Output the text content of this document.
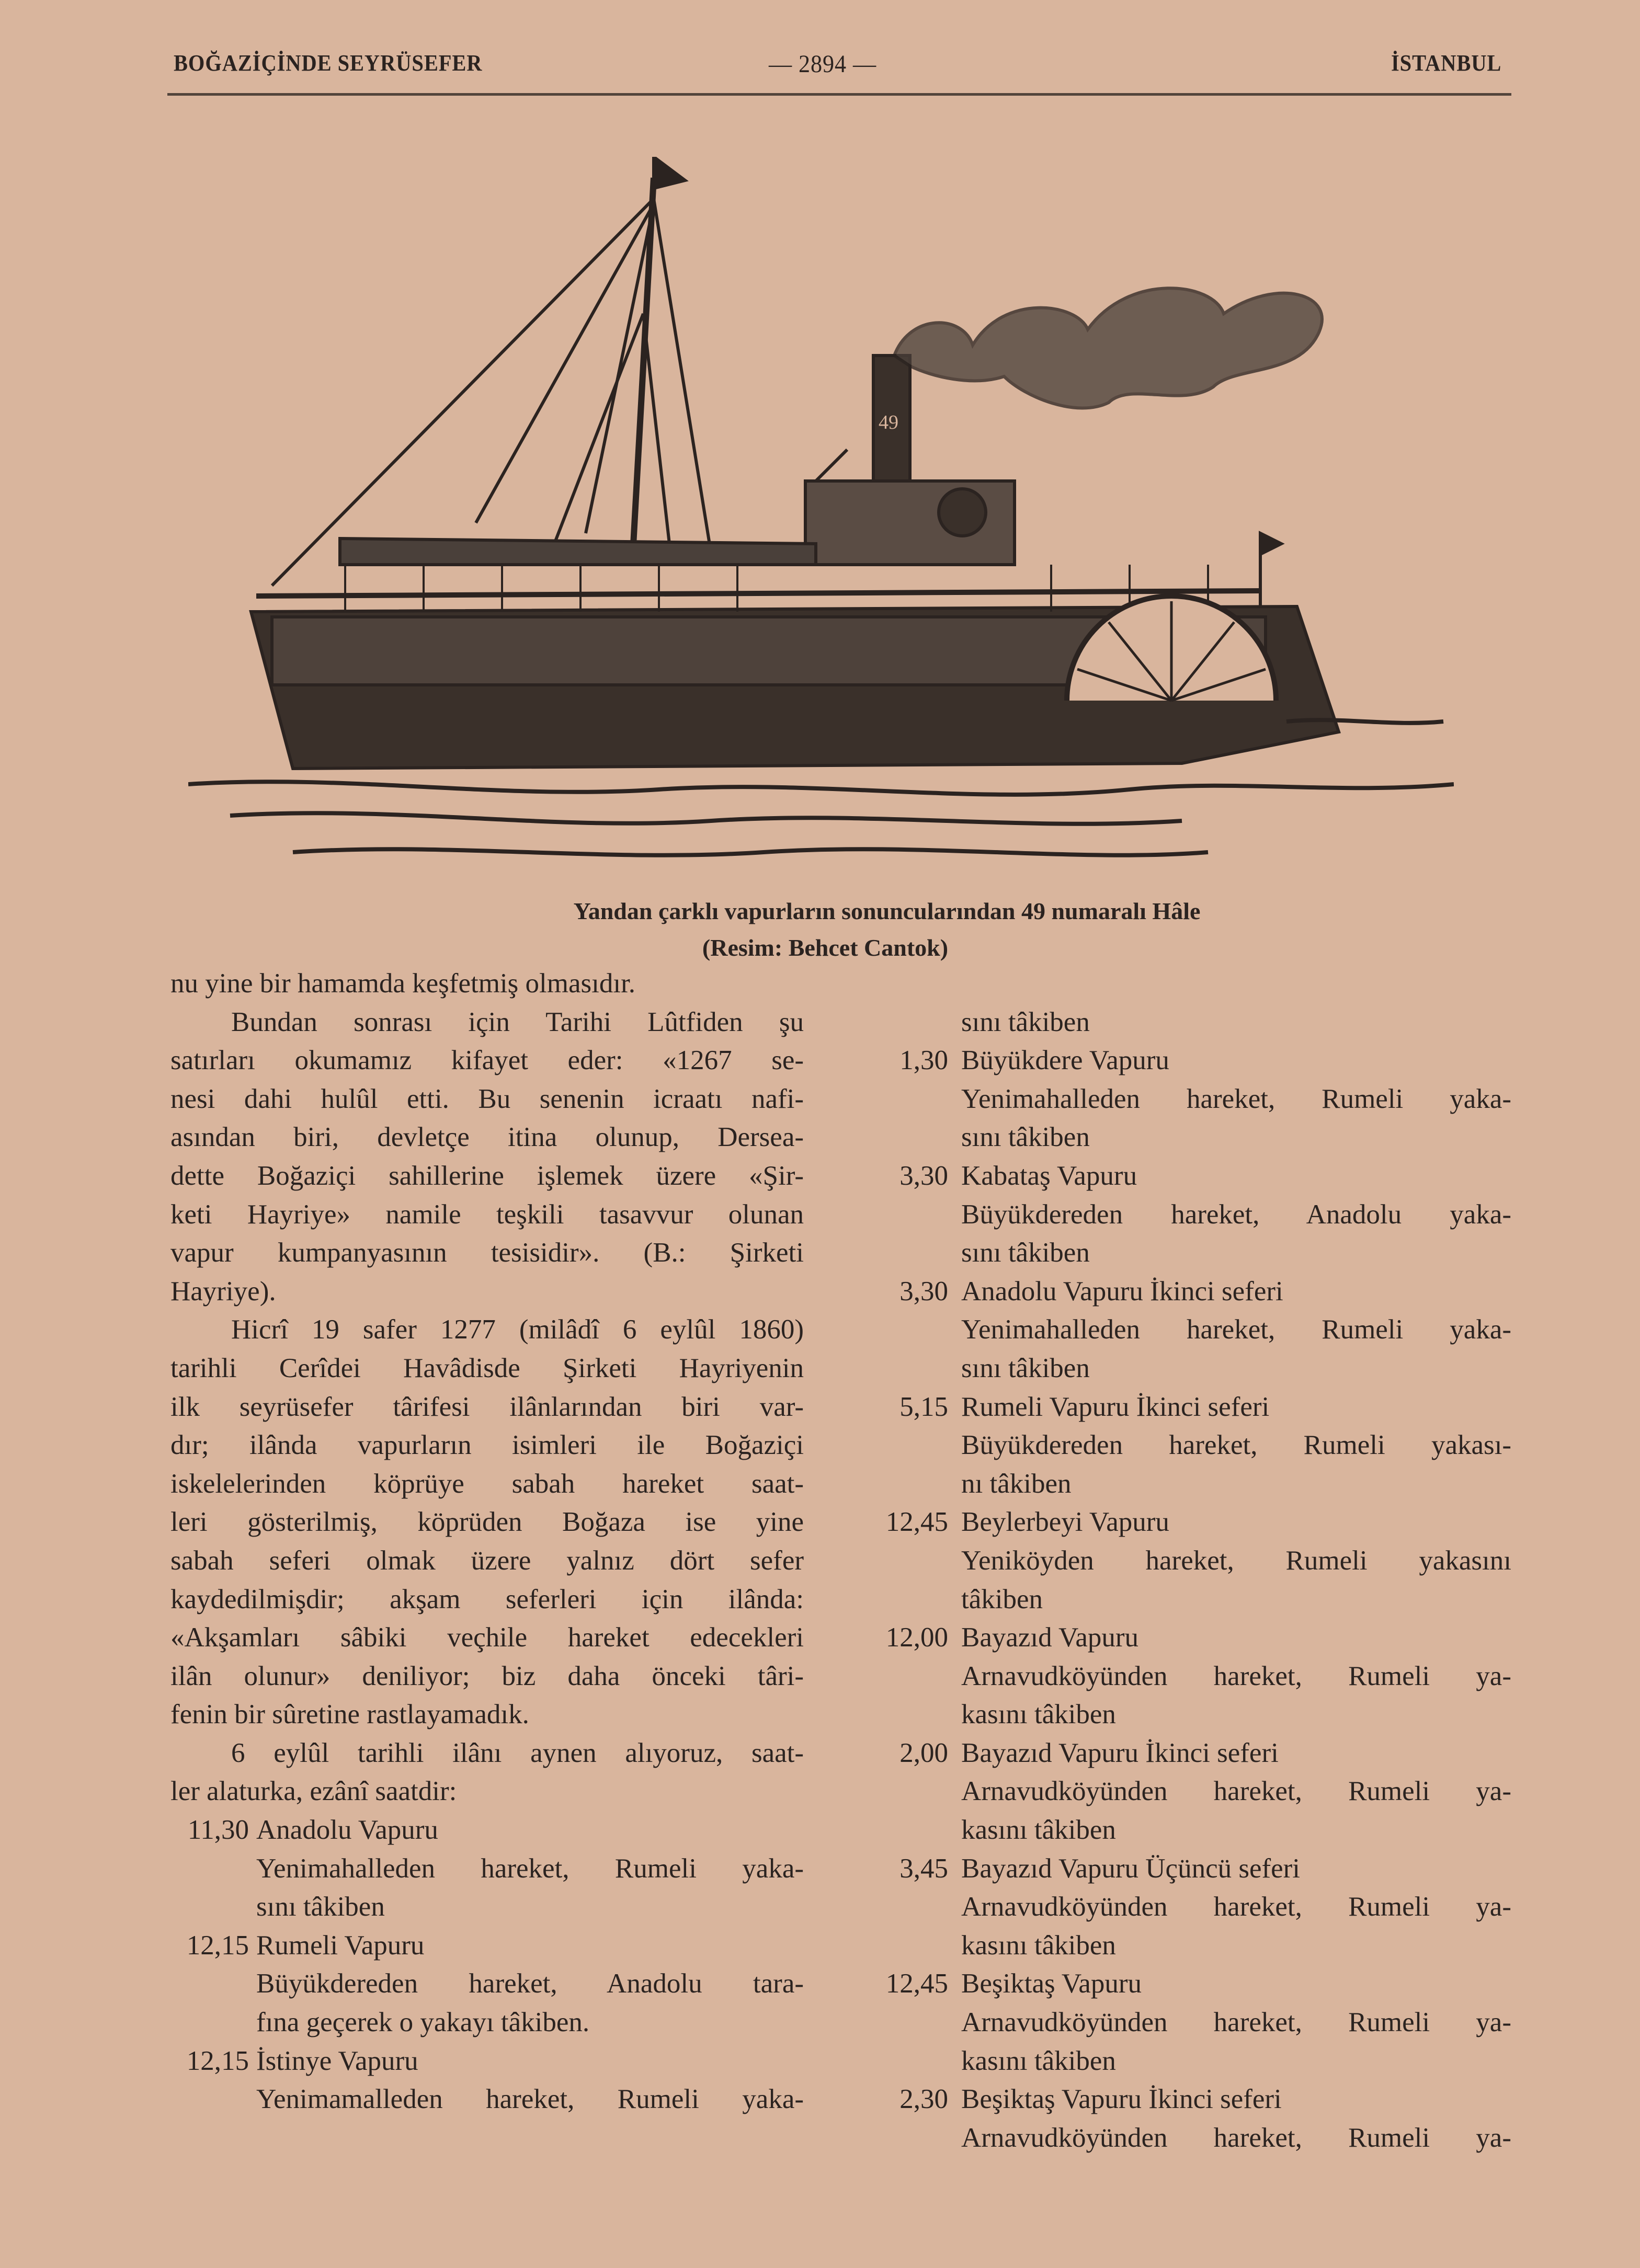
BOĞAZİÇİNDE SEYRÜSEFER	— 2894 —	İSTANBUL
49
Yandan çarklı vapurların sonuncularından 49 numaralı Hâle
(Resim: Behcet Cantok)
nu yine bir hamamda keşfetmiş olmasıdır.
Bundan sonrası için Tarihi Lûtfiden şu
satırları okumamız kifayet eder: «1267 se-
nesi dahi hulûl etti. Bu senenin icraatı nafi-
asından biri, devletçe itina olunup, Dersea-
dette Boğaziçi sahillerine işlemek üzere «Şir-
keti Hayriye» namile teşkili tasavvur olunan
vapur kumpanyasının tesisidir». (B.: Şirketi
Hayriye).
Hicrî 19 safer 1277 (milâdî 6 eylûl 1860)
tarihli Cerîdei Havâdisde Şirketi Hayriyenin
ilk seyrüsefer târifesi ilânlarından biri var-
dır; ilânda vapurların isimleri ile Boğaziçi
iskelelerinden köprüye sabah hareket saat-
leri gösterilmiş, köprüden Boğaza ise yine
sabah seferi olmak üzere yalnız dört sefer
kaydedilmişdir; akşam seferleri için ilânda:
«Akşamları sâbiki veçhile hareket edecekleri
ilân olunur» deniliyor; biz daha önceki târi-
fenin bir sûretine rastlayamadık.
6 eylûl tarihli ilânı aynen alıyoruz, saat-
ler alaturka, ezânî saatdir:
11,30 Anadolu Vapuru
Yenimahalleden hareket, Rumeli yaka-
sını tâkiben
12,15 Rumeli Vapuru
Büyükdereden hareket, Anadolu tara-
fına geçerek o yakayı tâkiben.
12,15 İstinye Vapuru
Yenimamalleden hareket, Rumeli yaka-
sını tâkiben
1,30 Büyükdere Vapuru
Yenimahalleden hareket, Rumeli yaka-
sını tâkiben
3,30 Kabataş Vapuru
Büyükdereden hareket, Anadolu yaka-
sını tâkiben
3,30 Anadolu Vapuru İkinci seferi
Yenimahalleden hareket, Rumeli yaka-
sını tâkiben
5,15 Rumeli Vapuru İkinci seferi
Büyükdereden hareket, Rumeli yakası-
nı tâkiben
12,45 Beylerbeyi Vapuru
Yeniköyden hareket, Rumeli yakasını
tâkiben
12,00 Bayazıd Vapuru
Arnavudköyünden hareket, Rumeli ya-
kasını tâkiben
2,00 Bayazıd Vapuru İkinci seferi
Arnavudköyünden hareket, Rumeli ya-
kasını tâkiben
3,45 Bayazıd Vapuru Üçüncü seferi
Arnavudköyünden hareket, Rumeli ya-
kasını tâkiben
12,45 Beşiktaş Vapuru
Arnavudköyünden hareket, Rumeli ya-
kasını tâkiben
2,30 Beşiktaş Vapuru İkinci seferi
Arnavudköyünden hareket, Rumeli ya-
